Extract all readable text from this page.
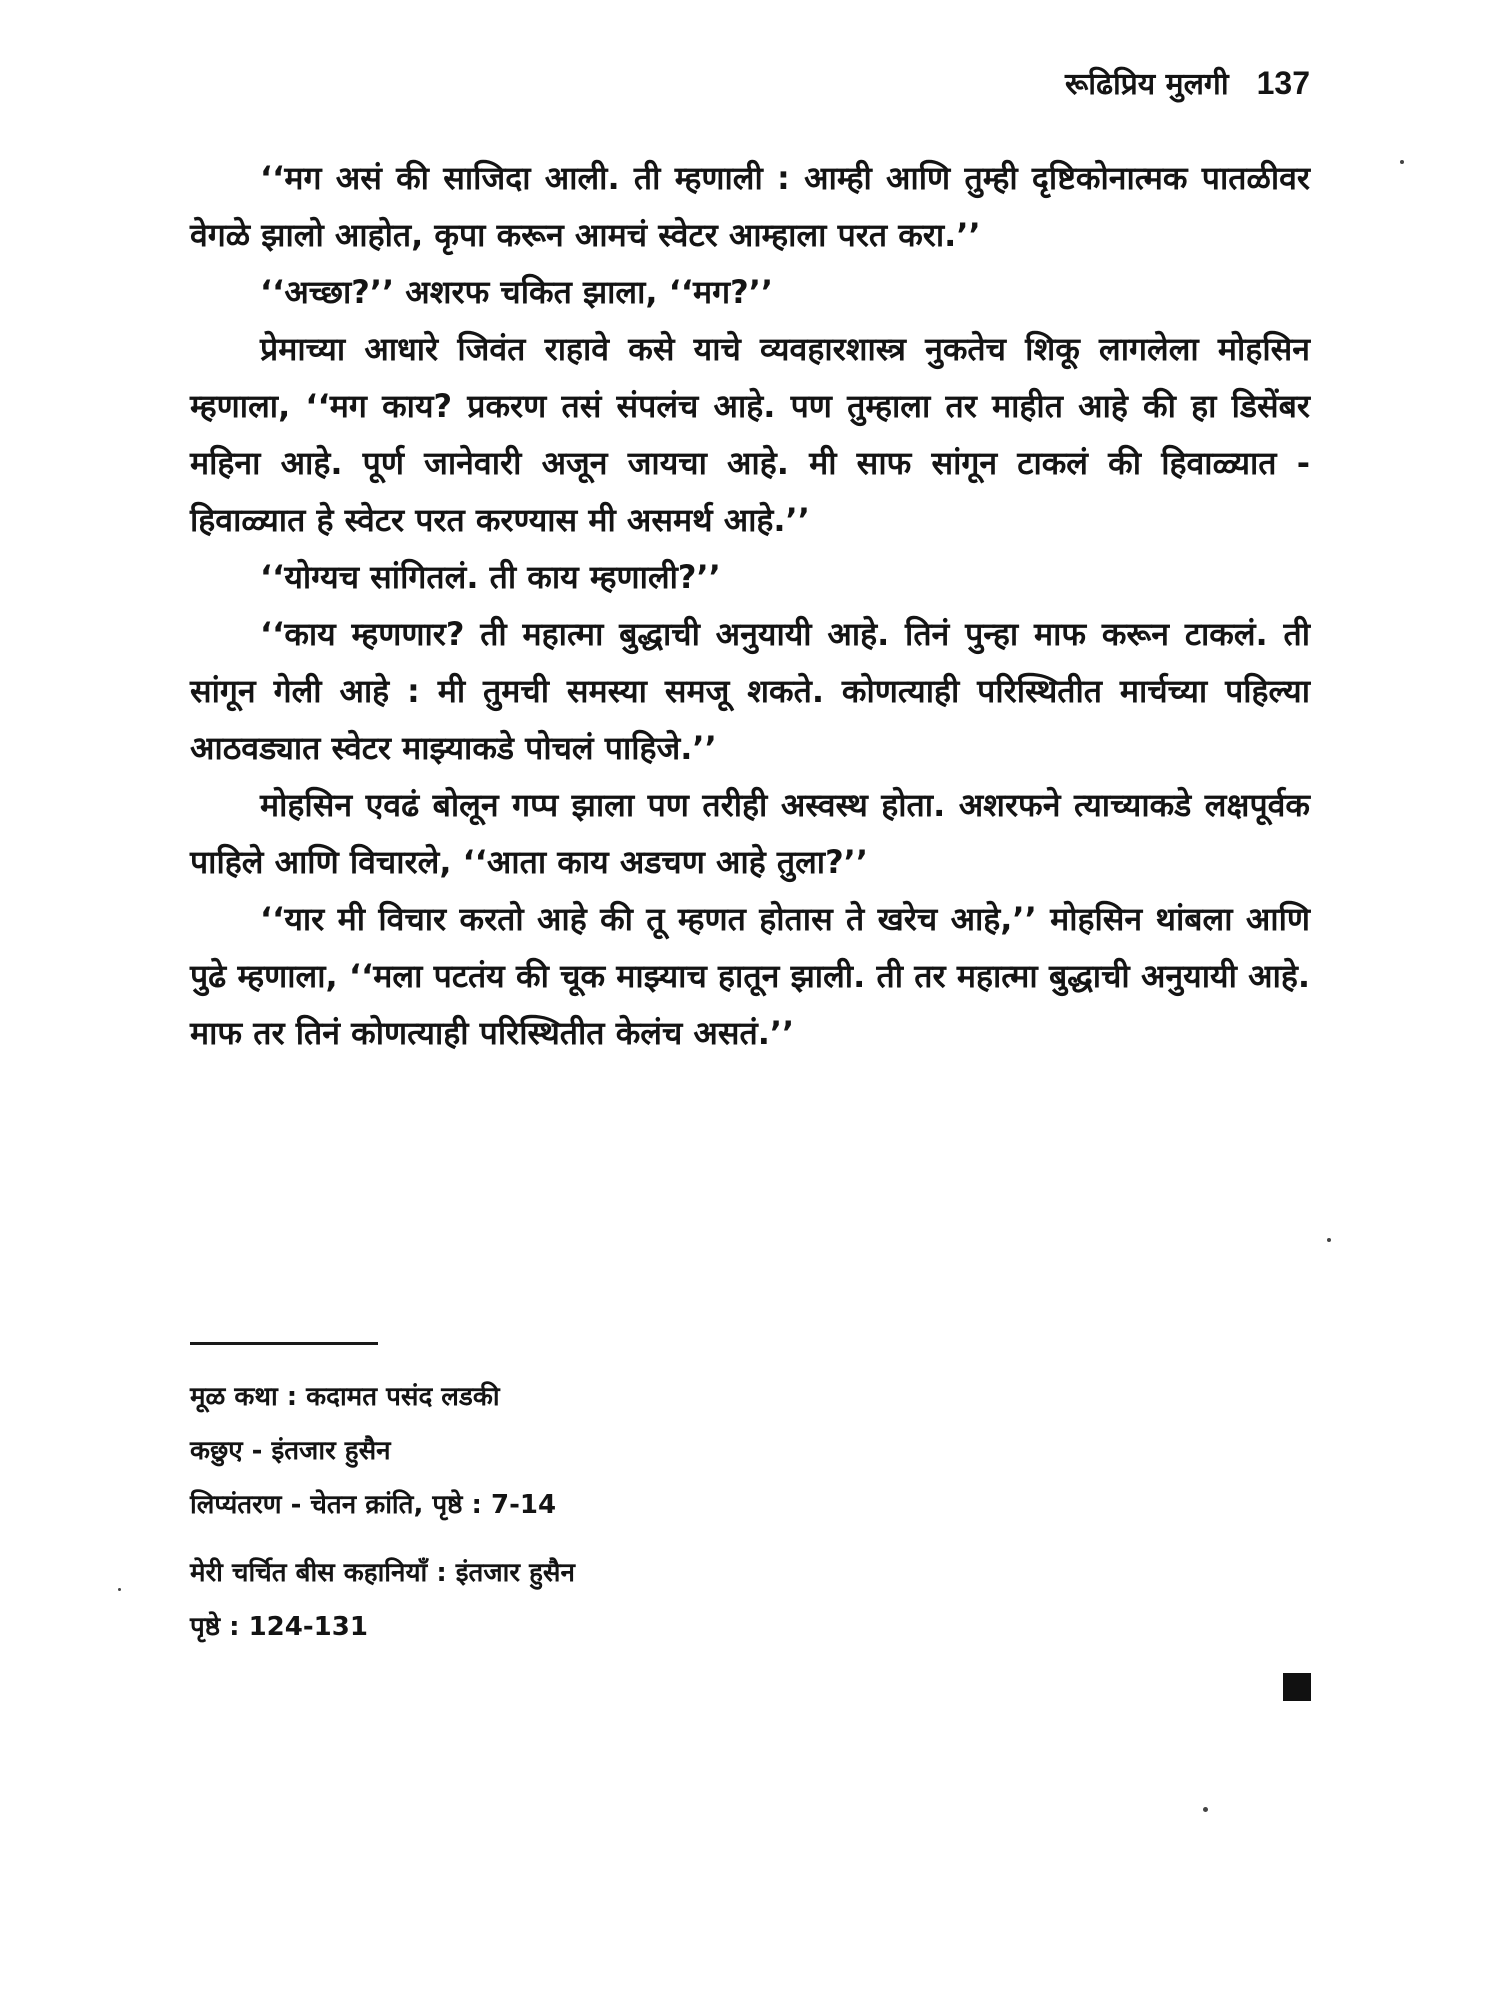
रूढिप्रिय मुलगी 137

‘‘मग असं की साजिदा आली. ती म्हणाली : आम्ही आणि तुम्ही दृष्टिकोनात्मक पातळीवर वेगळे झालो आहोत, कृपा करून आमचं स्वेटर आम्हाला परत करा.’’

‘‘अच्छा?’’ अशरफ चकित झाला, ‘‘मग?’’

प्रेमाच्या आधारे जिवंत राहावे कसे याचे व्यवहारशास्त्र नुकतेच शिकू लागलेला मोहसिन म्हणाला, ‘‘मग काय? प्रकरण तसं संपलंच आहे. पण तुम्हाला तर माहीत आहे की हा डिसेंबर महिना आहे. पूर्ण जानेवारी अजून जायचा आहे. मी साफ सांगून टाकलं की हिवाळ्यात - हिवाळ्यात हे स्वेटर परत करण्यास मी असमर्थ आहे.’’

‘‘योग्यच सांगितलं. ती काय म्हणाली?’’

‘‘काय म्हणणार? ती महात्मा बुद्धाची अनुयायी आहे. तिनं पुन्हा माफ करून टाकलं. ती सांगून गेली आहे : मी तुमची समस्या समजू शकते. कोणत्याही परिस्थितीत मार्चच्या पहिल्या आठवड्यात स्वेटर माझ्याकडे पोचलं पाहिजे.’’

मोहसिन एवढं बोलून गप्प झाला पण तरीही अस्वस्थ होता. अशरफने त्याच्याकडे लक्षपूर्वक पाहिले आणि विचारले, ‘‘आता काय अडचण आहे तुला?’’

‘‘यार मी विचार करतो आहे की तू म्हणत होतास ते खरेच आहे,’’ मोहसिन थांबला आणि पुढे म्हणाला, ‘‘मला पटतंय की चूक माझ्याच हातून झाली. ती तर महात्मा बुद्धाची अनुयायी आहे. माफ तर तिनं कोणत्याही परिस्थितीत केलंच असतं.’’

मूळ कथा : कदामत पसंद लडकी
कछुए - इंतजार हुसैन
लिप्यंतरण - चेतन क्रांति, पृष्ठे : 7-14
मेरी चर्चित बीस कहानियाँ : इंतजार हुसैन
पृष्ठे : 124-131
